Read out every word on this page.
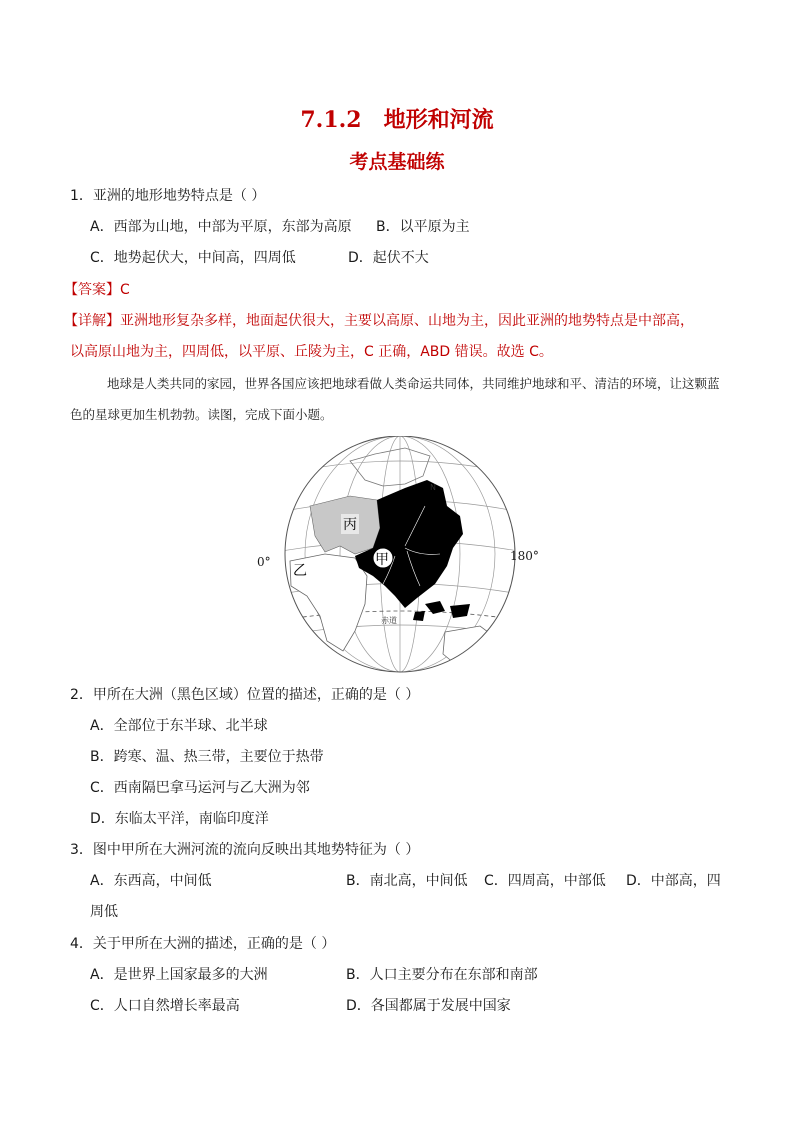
7.1.2 地形和河流
考点基础练
1．亚洲的地形地势特点是（ ）
A．西部为山地，中部为平原，东部为高原 B．以平原为主
C．地势起伏大，中间高，四周低	D．起伏不大
【答案】C
【详解】亚洲地形复杂多样，地面起伏很大，主要以高原、山地为主，因此亚洲的地势特点是中部高，
以高原山地为主，四周低，以平原、丘陵为主，C 正确，ABD 错误。故选 C。
地球是人类共同的家园，世界各国应该把地球看做人类命运共同体，共同维护地球和平、清洁的环境，让这颗蓝色的星球更加生机勃勃。读图，完成下面小题。
甲
丙
乙
N
赤道
0°	180°
2．甲所在大洲（黑色区域）位置的描述，正确的是（ ）
A．全部位于东半球、北半球
B．跨寒、温、热三带，主要位于热带
C．西南隔巴拿马运河与乙大洲为邻
D．东临太平洋，南临印度洋
3．图中甲所在大洲河流的流向反映出其地势特征为（ ）
A．东西高，中间低	B．南北高，中间低 C．四周高，中部低 D．中部高，四
周低
4．关于甲所在大洲的描述，正确的是（ ）
A．是世界上国家最多的大洲	B．人口主要分布在东部和南部
C．人口自然增长率最高	D．各国都属于发展中国家
